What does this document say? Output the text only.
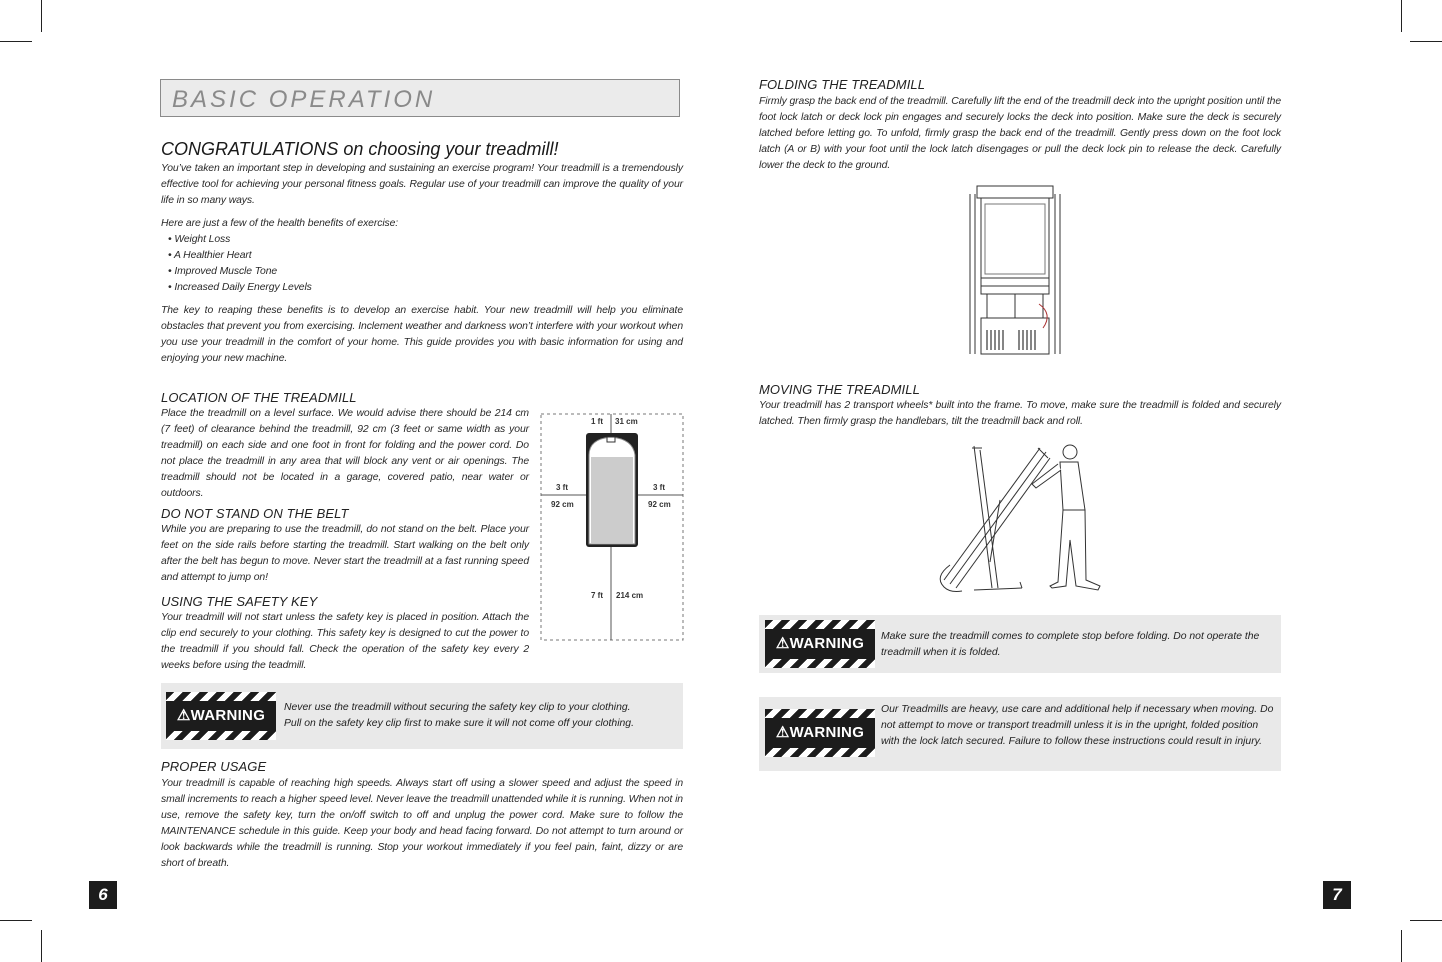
BASIC OPERATION
CONGRATULATIONS on choosing your treadmill!
You’ve taken an important step in developing and sustaining an exercise program! Your treadmill is a tremendously effective tool for achieving your personal fitness goals. Regular use of your treadmill can improve the quality of your life in so many ways.
Here are just a few of the health benefits of exercise:
• Weight Loss
• A Healthier Heart
• Improved Muscle Tone
• Increased Daily Energy Levels
The key to reaping these benefits is to develop an exercise habit. Your new treadmill will help you eliminate obstacles that prevent you from exercising. Inclement weather and darkness won’t interfere with your workout when you use your treadmill in the comfort of your home. This guide provides you with basic information for using and enjoying your new machine.
LOCATION OF THE TREADMILL
Place the treadmill on a level surface. We would advise there should be 214 cm (7 feet) of clearance behind the treadmill, 92 cm (3 feet or same width as your treadmill) on each side and one foot in front for folding and the power cord. Do not place the treadmill in any area that will block any vent or air openings. The treadmill should not be located in a garage, covered patio, near water or outdoors.
DO NOT STAND ON THE BELT
While you are preparing to use the treadmill, do not stand on the belt. Place your feet on the side rails before starting the treadmill. Start walking on the belt only after the belt has begun to move. Never start the treadmill at a fast running speed and attempt to jump on!
USING THE SAFETY KEY
Your treadmill will not start unless the safety key is placed in position. Attach the clip end securely to your clothing. This safety key is designed to cut the power to the treadmill if you should fall. Check the operation of the safety key every 2 weeks before using the teadmill.
1 ft 31 cm
3 ft
92 cm
3 ft
92 cm
7 ft 214 cm
⚠WARNING	Never use the treadmill without securing the safety key clip to your clothing.
Pull on the safety key clip first to make sure it will not come off your clothing.
PROPER USAGE
Your treadmill is capable of reaching high speeds. Always start off using a slower speed and adjust the speed in small increments to reach a higher speed level. Never leave the treadmill unattended while it is running. When not in use, remove the safety key, turn the on/off switch to off and unplug the power cord. Make sure to follow the MAINTENANCE schedule in this guide. Keep your body and head facing forward. Do not attempt to turn around or look backwards while the treadmill is running. Stop your workout immediately if you feel pain, faint, dizzy or are short of breath.
6
FOLDING THE TREADMILL
Firmly grasp the back end of the treadmill. Carefully lift the end of the treadmill deck into the upright position until the foot lock latch or deck lock pin engages and securely locks the deck into position. Make sure the deck is securely latched before letting go. To unfold, firmly grasp the back end of the treadmill. Gently press down on the foot lock latch (A or B) with your foot until the lock latch disengages or pull the deck lock pin to release the deck. Carefully lower the deck to the ground.
MOVING THE TREADMILL
Your treadmill has 2 transport wheels* built into the frame. To move, make sure the treadmill is folded and securely latched. Then firmly grasp the handlebars, tilt the treadmill back and roll.
⚠WARNING	Make sure the treadmill comes to complete stop before folding. Do not operate the treadmill when it is folded.
⚠WARNING
Our Treadmills are heavy, use care and additional help if necessary when moving. Do not attempt to move or transport treadmill unless it is in the upright, folded position with the lock latch secured. Failure to follow these instructions could result in injury.
7
